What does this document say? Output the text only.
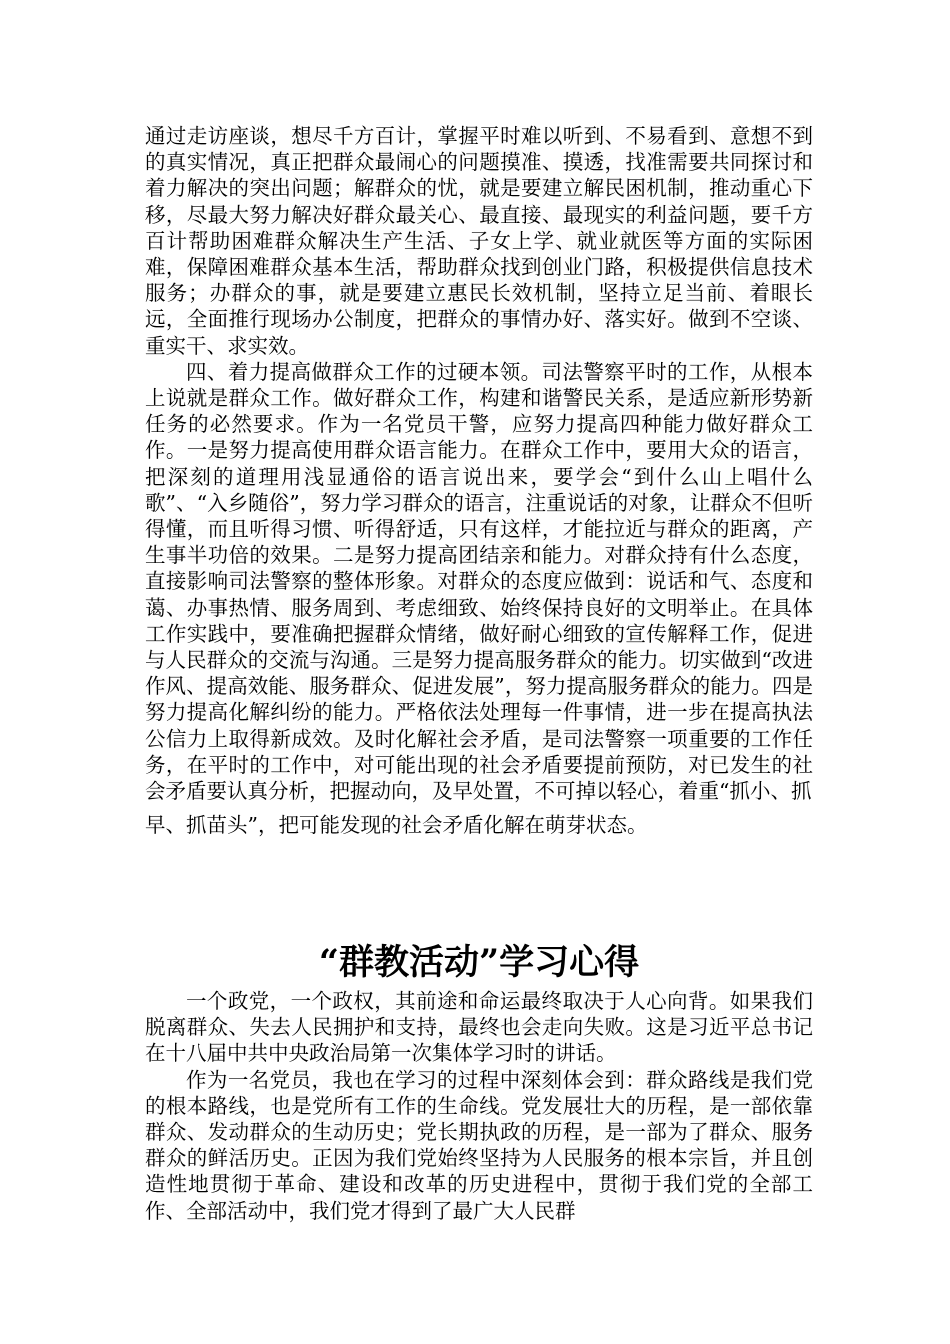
通过走访座谈，想尽千方百计，掌握平时难以听到、不易看到、意想不到的真实情况，真正把群众最闹心的问题摸准、摸透，找准需要共同探讨和着力解决的突出问题；解群众的忧，就是要建立解民困机制，推动重心下移，尽最大努力解决好群众最关心、最直接、最现实的利益问题，要千方百计帮助困难群众解决生产生活、子女上学、就业就医等方面的实际困难，保障困难群众基本生活，帮助群众找到创业门路，积极提供信息技术服务；办群众的事，就是要建立惠民长效机制，坚持立足当前、着眼长远，全面推行现场办公制度，把群众的事情办好、落实好。做到不空谈、重实干、求实效。

四、着力提高做群众工作的过硬本领。司法警察平时的工作，从根本上说就是群众工作。做好群众工作，构建和谐警民关系，是适应新形势新任务的必然要求。作为一名党员干警，应努力提高四种能力做好群众工作。一是努力提高使用群众语言能力。在群众工作中，要用大众的语言，把深刻的道理用浅显通俗的语言说出来，要学会“到什么山上唱什么歌”、“入乡随俗”，努力学习群众的语言，注重说话的对象，让群众不但听得懂，而且听得习惯、听得舒适，只有这样，才能拉近与群众的距离，产生事半功倍的效果。二是努力提高团结亲和能力。对群众持有什么态度，直接影响司法警察的整体形象。对群众的态度应做到：说话和气、态度和蔼、办事热情、服务周到、考虑细致、始终保持良好的文明举止。在具体工作实践中，要准确把握群众情绪，做好耐心细致的宣传解释工作，促进与人民群众的交流与沟通。三是努力提高服务群众的能力。切实做到“改进作风、提高效能、服务群众、促进发展”，努力提高服务群众的能力。四是努力提高化解纠纷的能力。严格依法处理每一件事情，进一步在提高执法公信力上取得新成效。及时化解社会矛盾，是司法警察一项重要的工作任务，在平时的工作中，对可能出现的社会矛盾要提前预防，对已发生的社会矛盾要认真分析，把握动向，及早处置，不可掉以轻心，着重“抓小、抓

早、抓苗头”，把可能发现的社会矛盾化解在萌芽状态。

“群教活动”学习心得

一个政党，一个政权，其前途和命运最终取决于人心向背。如果我们脱离群众、失去人民拥护和支持，最终也会走向失败。这是习近平总书记在十八届中共中央政治局第一次集体学习时的讲话。

作为一名党员，我也在学习的过程中深刻体会到：群众路线是我们党的根本路线，也是党所有工作的生命线。党发展壮大的历程，是一部依靠群众、发动群众的生动历史；党长期执政的历程，是一部为了群众、服务群众的鲜活历史。正因为我们党始终坚持为人民服务的根本宗旨，并且创造性地贯彻于革命、建设和改革的历史进程中，贯彻于我们党的全部工作、全部活动中，我们党才得到了最广大人民群
